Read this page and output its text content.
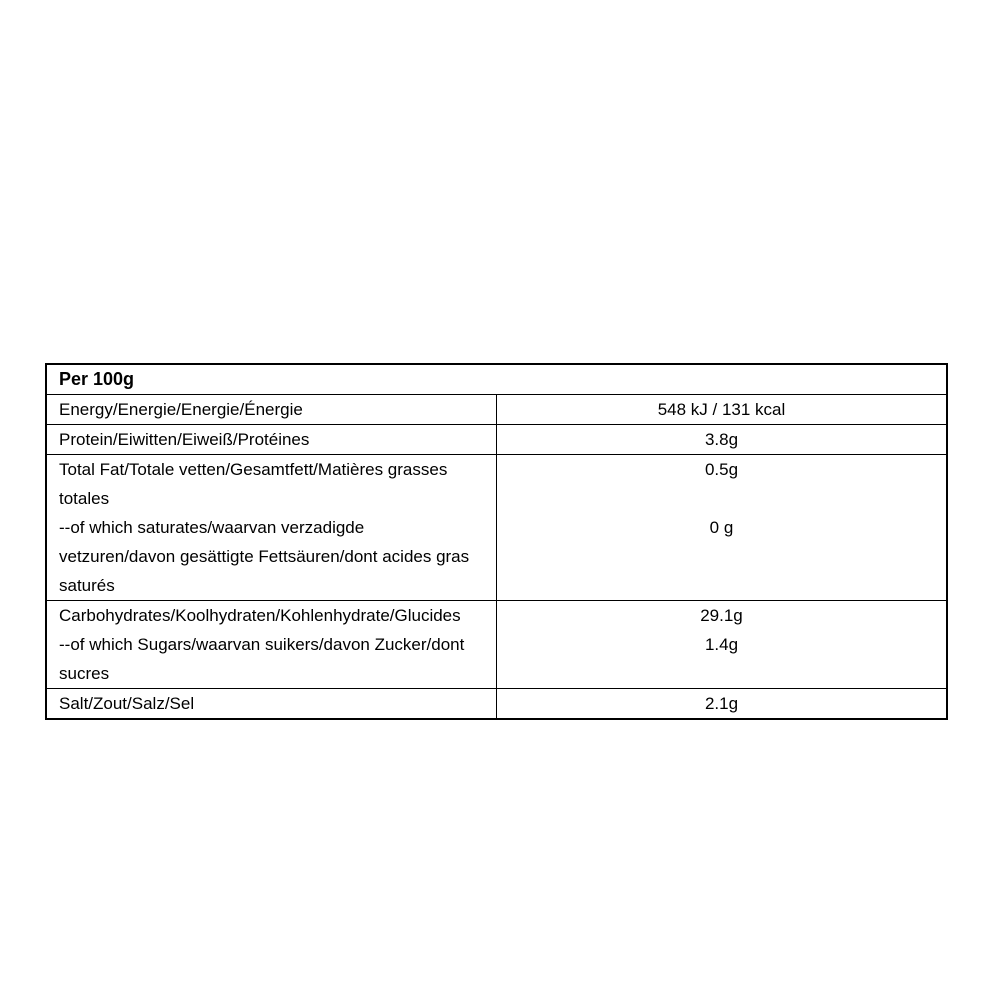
Per 100g	
Energy/Energie/Energie/Énergie	548 kJ / 131 kcal
Protein/Eiwitten/Eiweiß/Protéines	3.8g
Total Fat/Totale vetten/Gesamtfett/Matières grasses totales	0.5g
--of which saturates/waarvan verzadigde vetzuren/davon gesättigte Fettsäuren/dont acides gras saturés	0 g
Carbohydrates/Koolhydraten/Kohlenhydrate/Glucides	29.1g
--of which Sugars/waarvan suikers/davon Zucker/dont sucres	1.4g
Salt/Zout/Salz/Sel	2.1g
